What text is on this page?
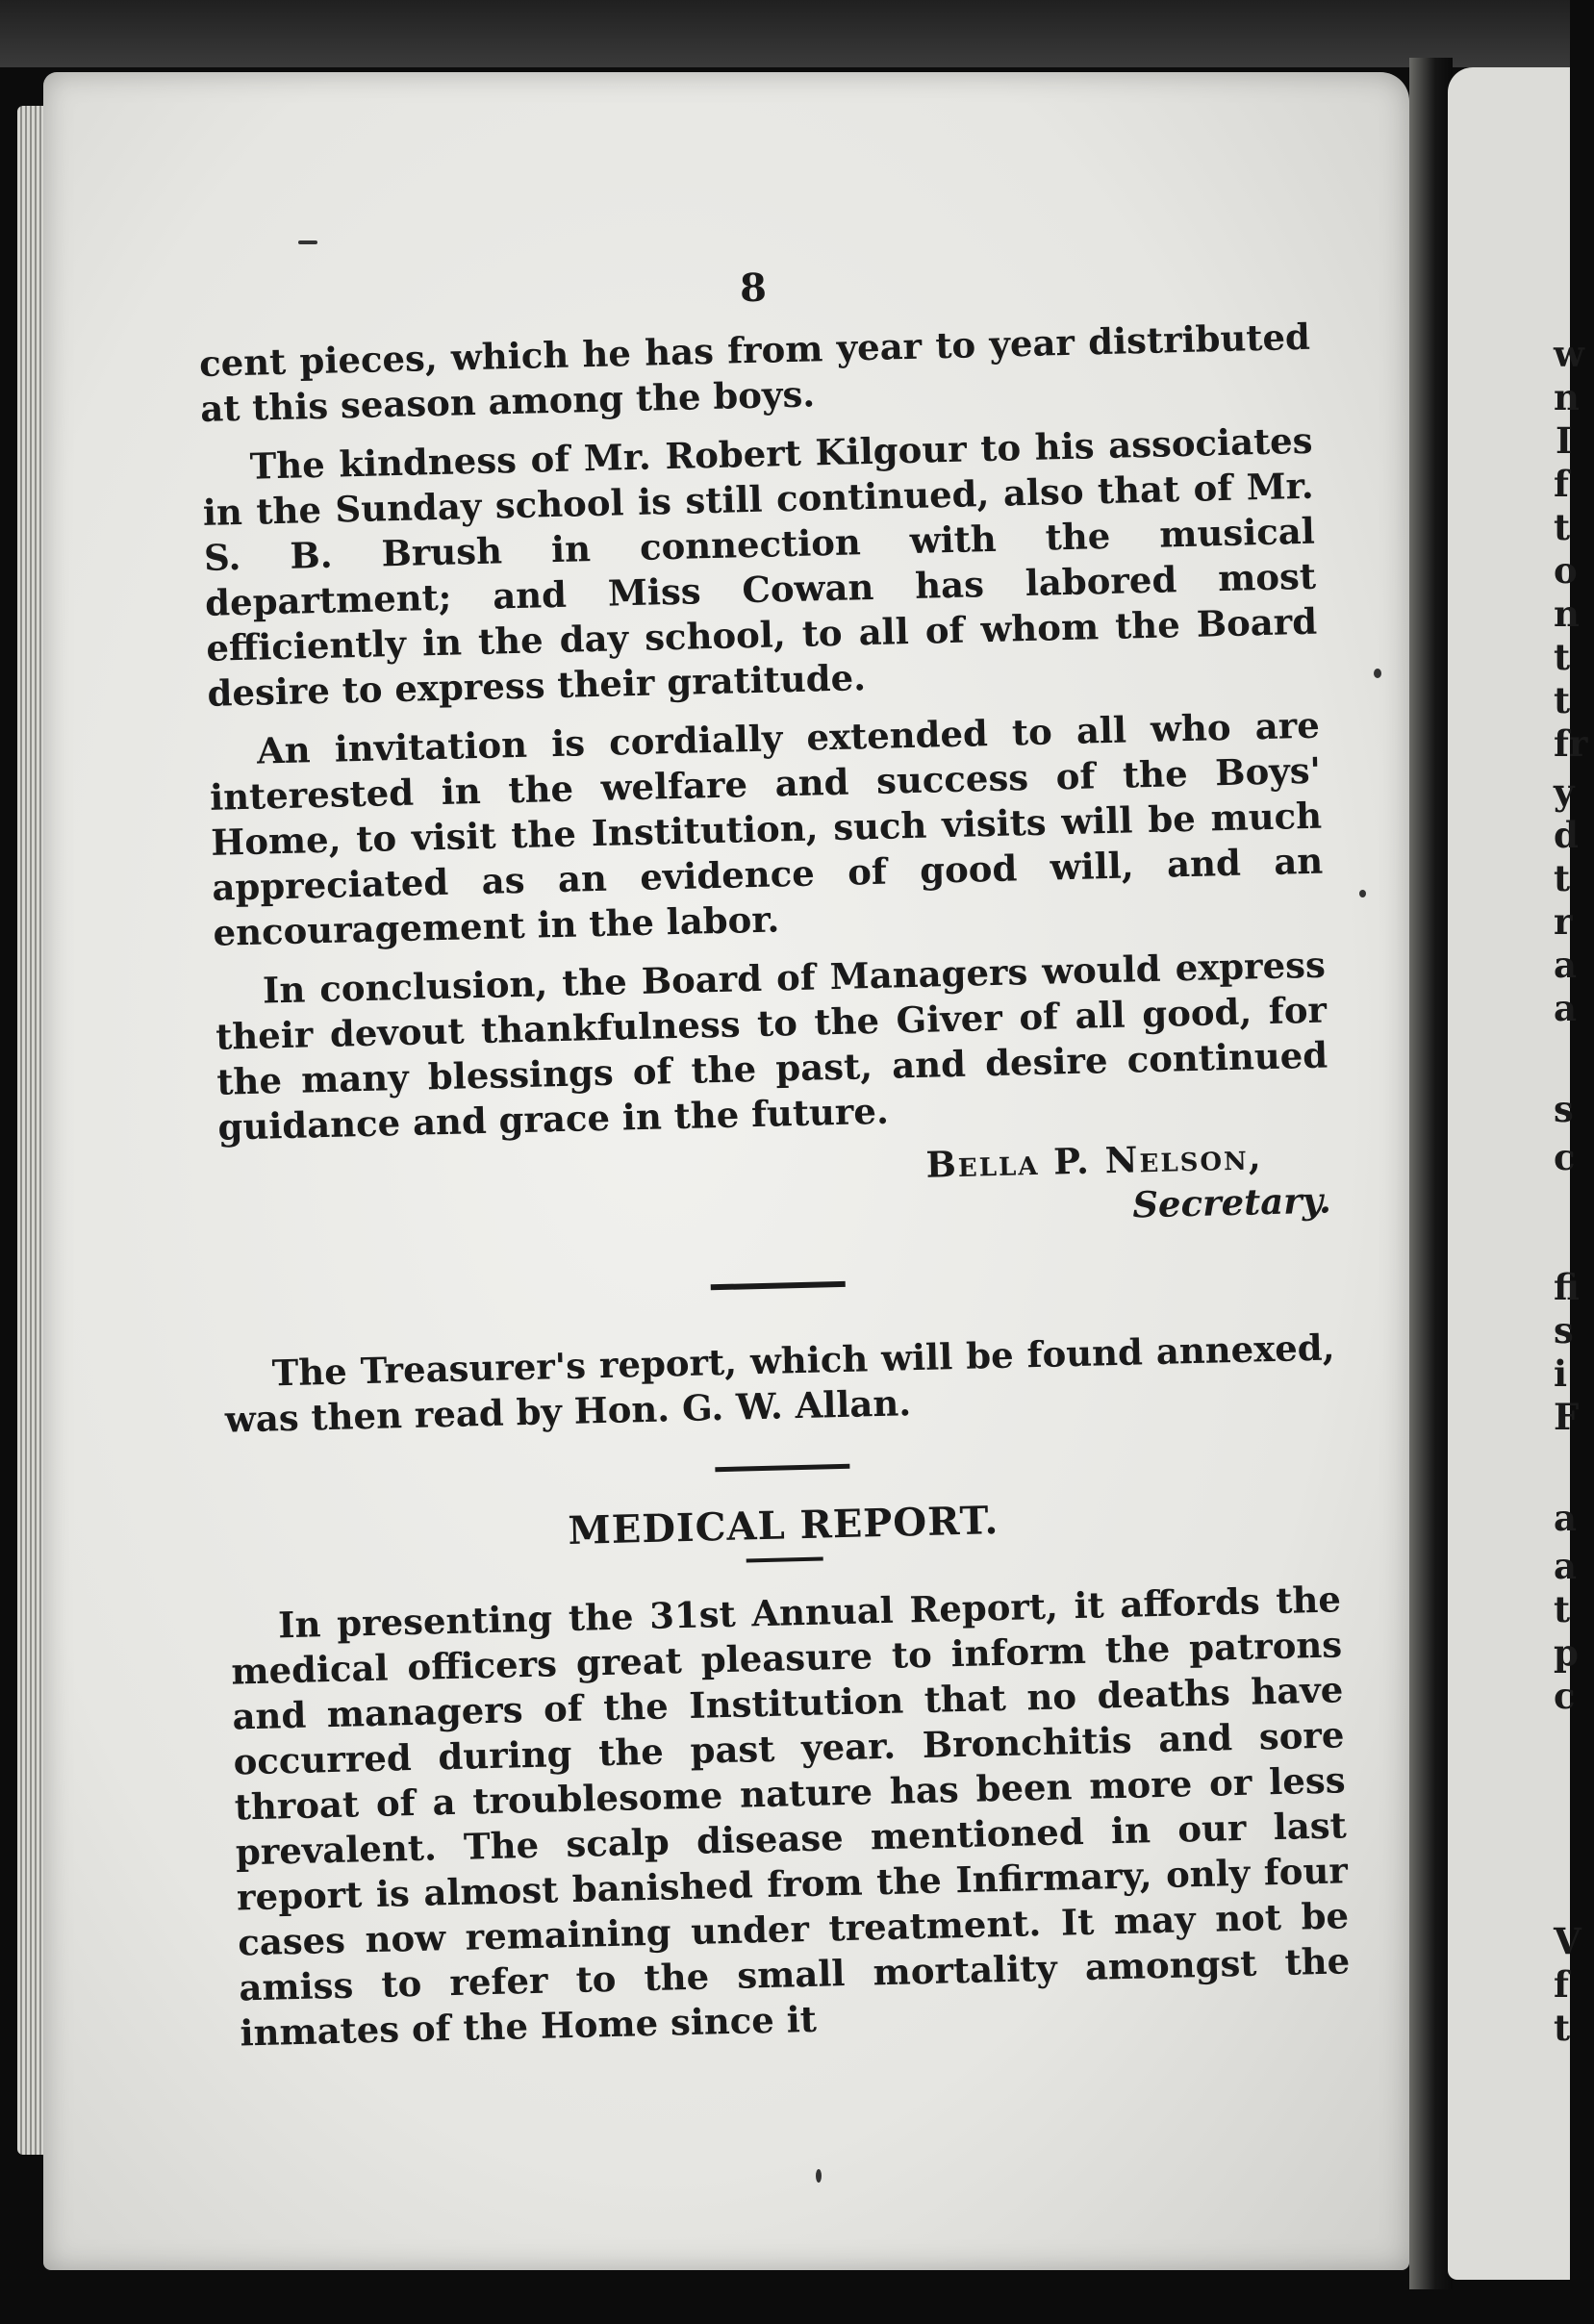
8

cent pieces, which he has from year to year distributed at this season among the boys.

The kindness of Mr. Robert Kilgour to his associates in the Sunday school is still continued, also that of Mr. S. B. Brush in connection with the musical department; and Miss Cowan has labored most efficiently in the day school, to all of whom the Board desire to express their gratitude.

An invitation is cordially extended to all who are interested in the welfare and success of the Boys' Home, to visit the Institution, such visits will be much appreciated as an evidence of good will, and an encouragement in the labor.

In conclusion, the Board of Managers would express their devout thankfulness to the Giver of all good, for the many blessings of the past, and desire continued guidance and grace in the future.

Bella P. Nelson,
Secretary.

The Treasurer's report, which will be found annexed, was then read by Hon. G. W. Allan.

MEDICAL REPORT.

In presenting the 31st Annual Report, it affords the medical officers great pleasure to inform the patrons and managers of the Institution that no deaths have occurred during the past year. Bronchitis and sore throat of a troublesome nature has been more or less prevalent. The scalp disease mentioned in our last report is almost banished from the Infirmary, only four cases now remaining under treatment. It may not be amiss to refer to the small mortality amongst the inmates of the Home since it

w
n
I
f
t
o
n
t
t
fr
y
d
t
r
a
a
s
c
fi
s
i
F
a
a
t
p
c
V
f
t
